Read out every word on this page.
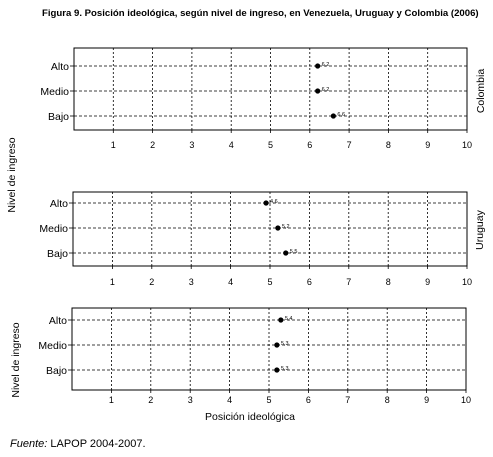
Figura 9. Posición ideológica, según nivel de ingreso, en Venezuela, Uruguay y Colombia (2006)
1	2	3	4	5	6	7	8	9	10
Alto	6,2
Medio	6,2
Bajo	6,6
Colombia
1	2	3	4	5	6	7	8	9	10
Alto	4,6
Medio	5,2
Bajo	5,5
Uruguay
1	2	3	4	5	6	7	8	9	10
Alto	5,4
Medio	5,3
Bajo	5,3
Nivel de ingreso
Nivel de ingreso
Posición ideológica
Fuente: LAPOP 2004-2007.
